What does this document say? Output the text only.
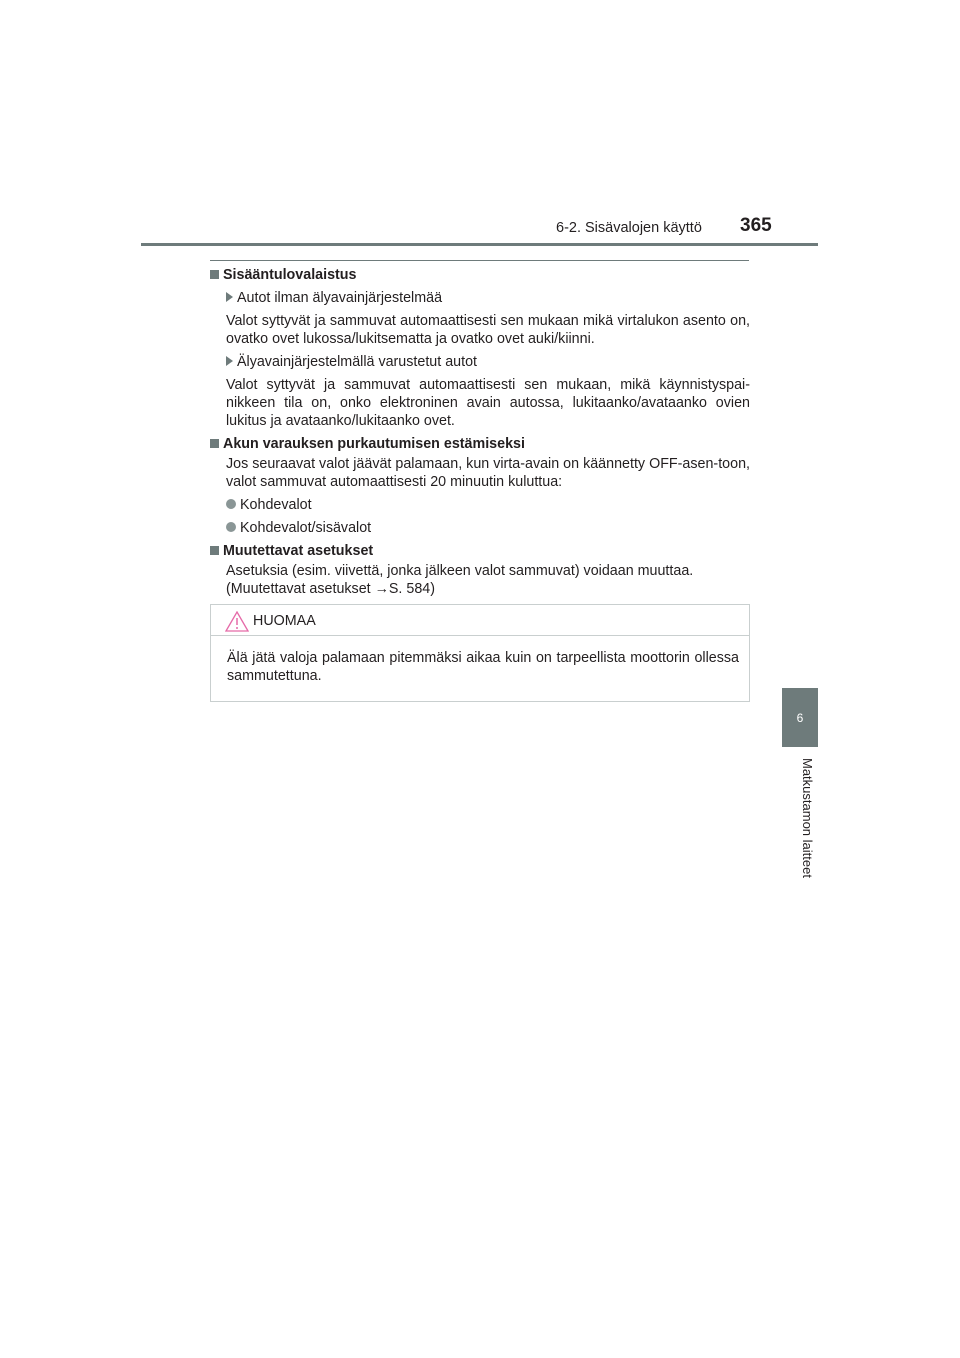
6-2. Sisävalojen käyttö 365
6
Matkustamon laitteet
Sisääntulovalaistus
Autot ilman älyavainjärjestelmää
Valot syttyvät ja sammuvat automaattisesti sen mukaan mikä virtalukon asento on, ovatko ovet lukossa/lukitsematta ja ovatko ovet auki/kiinni.
Älyavainjärjestelmällä varustetut autot
Valot syttyvät ja sammuvat automaattisesti sen mukaan, mikä käynnistyspai-nikkeen tila on, onko elektroninen avain autossa, lukitaanko/avataanko ovien lukitus ja avataanko/lukitaanko ovet.
Akun varauksen purkautumisen estämiseksi
Jos seuraavat valot jäävät palamaan, kun virta-avain on käännetty OFF-asen-toon, valot sammuvat automaattisesti 20 minuutin kuluttua:
Kohdevalot
Kohdevalot/sisävalot
Muutettavat asetukset
Asetuksia (esim. viivettä, jonka jälkeen valot sammuvat) voidaan muuttaa.
(Muutettavat asetukset →S. 584)
HUOMAA
Älä jätä valoja palamaan pitemmäksi aikaa kuin on tarpeellista moottorin ollessa sammutettuna.
